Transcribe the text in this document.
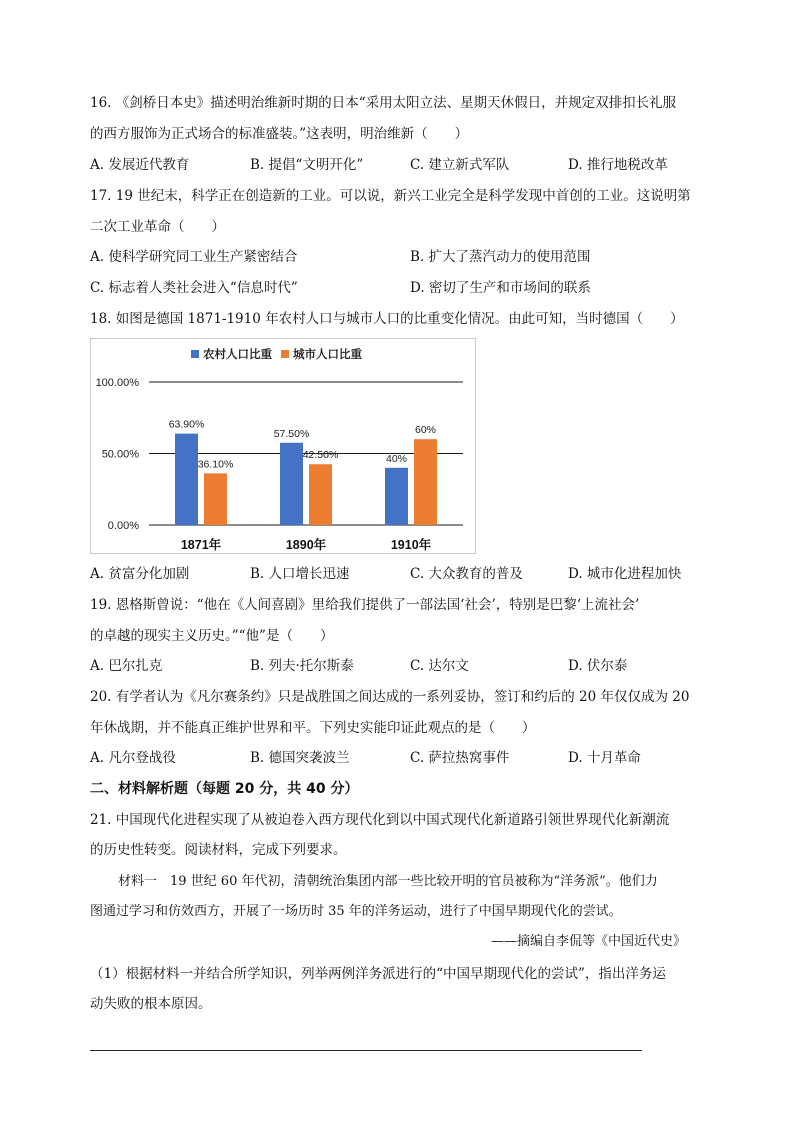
16. 《剑桥日本史》描述明治维新时期的日本“采用太阳立法、星期天休假日，并规定双排扣长礼服
的西方服饰为正式场合的标准盛装。”这表明，明治维新（　　）
A. 发展近代教育	B. 提倡“文明开化”	C. 建立新式军队	D. 推行地税改革
17. 19 世纪末，科学正在创造新的工业。可以说，新兴工业完全是科学发现中首创的工业。这说明第
二次工业革命（　　）
A. 使科学研究同工业生产紧密结合	B. 扩大了蒸汽动力的使用范围
C. 标志着人类社会进入“信息时代”	D. 密切了生产和市场间的联系
18. 如图是德国 1871-1910 年农村人口与城市人口的比重变化情况。由此可知，当时德国（　　）
0.00%
50.00%
100.00%
农村人口比重 城市人口比重
63.90%
36.10%
1871年
57.50%
42.50%
1890年
40%
60%
1910年
A. 贫富分化加剧	B. 人口增长迅速	C. 大众教育的普及	D. 城市化进程加快
19. 恩格斯曾说：“他在《人间喜剧》里给我们提供了一部法国‘社会’，特别是巴黎‘上流社会’
的卓越的现实主义历史。”“他”是（　　）
A. 巴尔扎克	B. 列夫·托尔斯泰	C. 达尔文	D. 伏尔泰
20. 有学者认为《凡尔赛条约》只是战胜国之间达成的一系列妥协，签订和约后的 20 年仅仅成为 20
年休战期，并不能真正维护世界和平。下列史实能印证此观点的是（　　）
A. 凡尔登战役	B. 德国突袭波兰	C. 萨拉热窝事件	D. 十月革命
二、材料解析题（每题 20 分，共 40 分）
21. 中国现代化进程实现了从被迫卷入西方现代化到以中国式现代化新道路引领世界现代化新潮流
的历史性转变。阅读材料，完成下列要求。
材料一　19 世纪 60 年代初，清朝统治集团内部一些比较开明的官员被称为“洋务派”。他们力
图通过学习和仿效西方，开展了一场历时 35 年的洋务运动，进行了中国早期现代化的尝试。
——摘编自李侃等《中国近代史》
（1）根据材料一并结合所学知识，列举两例洋务派进行的“中国早期现代化的尝试”，指出洋务运
动失败的根本原因。
